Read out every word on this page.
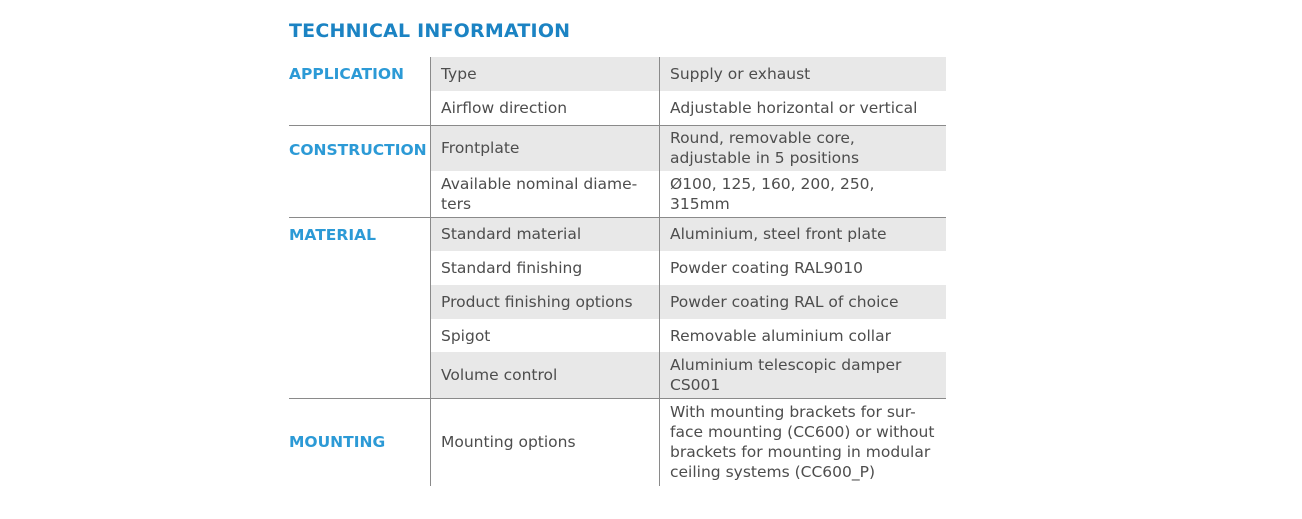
TECHNICAL INFORMATION
APPLICATION	Type	Supply or exhaust
	Airflow direction	Adjustable horizontal or vertical
CONSTRUCTION	Frontplate	Round, removable core, adjustable in 5 positions
	Available nominal diame-ters	Ø100, 125, 160, 200, 250, 315mm
MATERIAL	Standard material	Aluminium, steel front plate
	Standard finishing	Powder coating RAL9010
	Product finishing options	Powder coating RAL of choice
	Spigot	Removable aluminium collar
	Volume control	Aluminium telescopic damper CS001
MOUNTING	Mounting options	With mounting brackets for sur-face mounting (CC600) or without brackets for mounting in modular ceiling systems (CC600_P)
